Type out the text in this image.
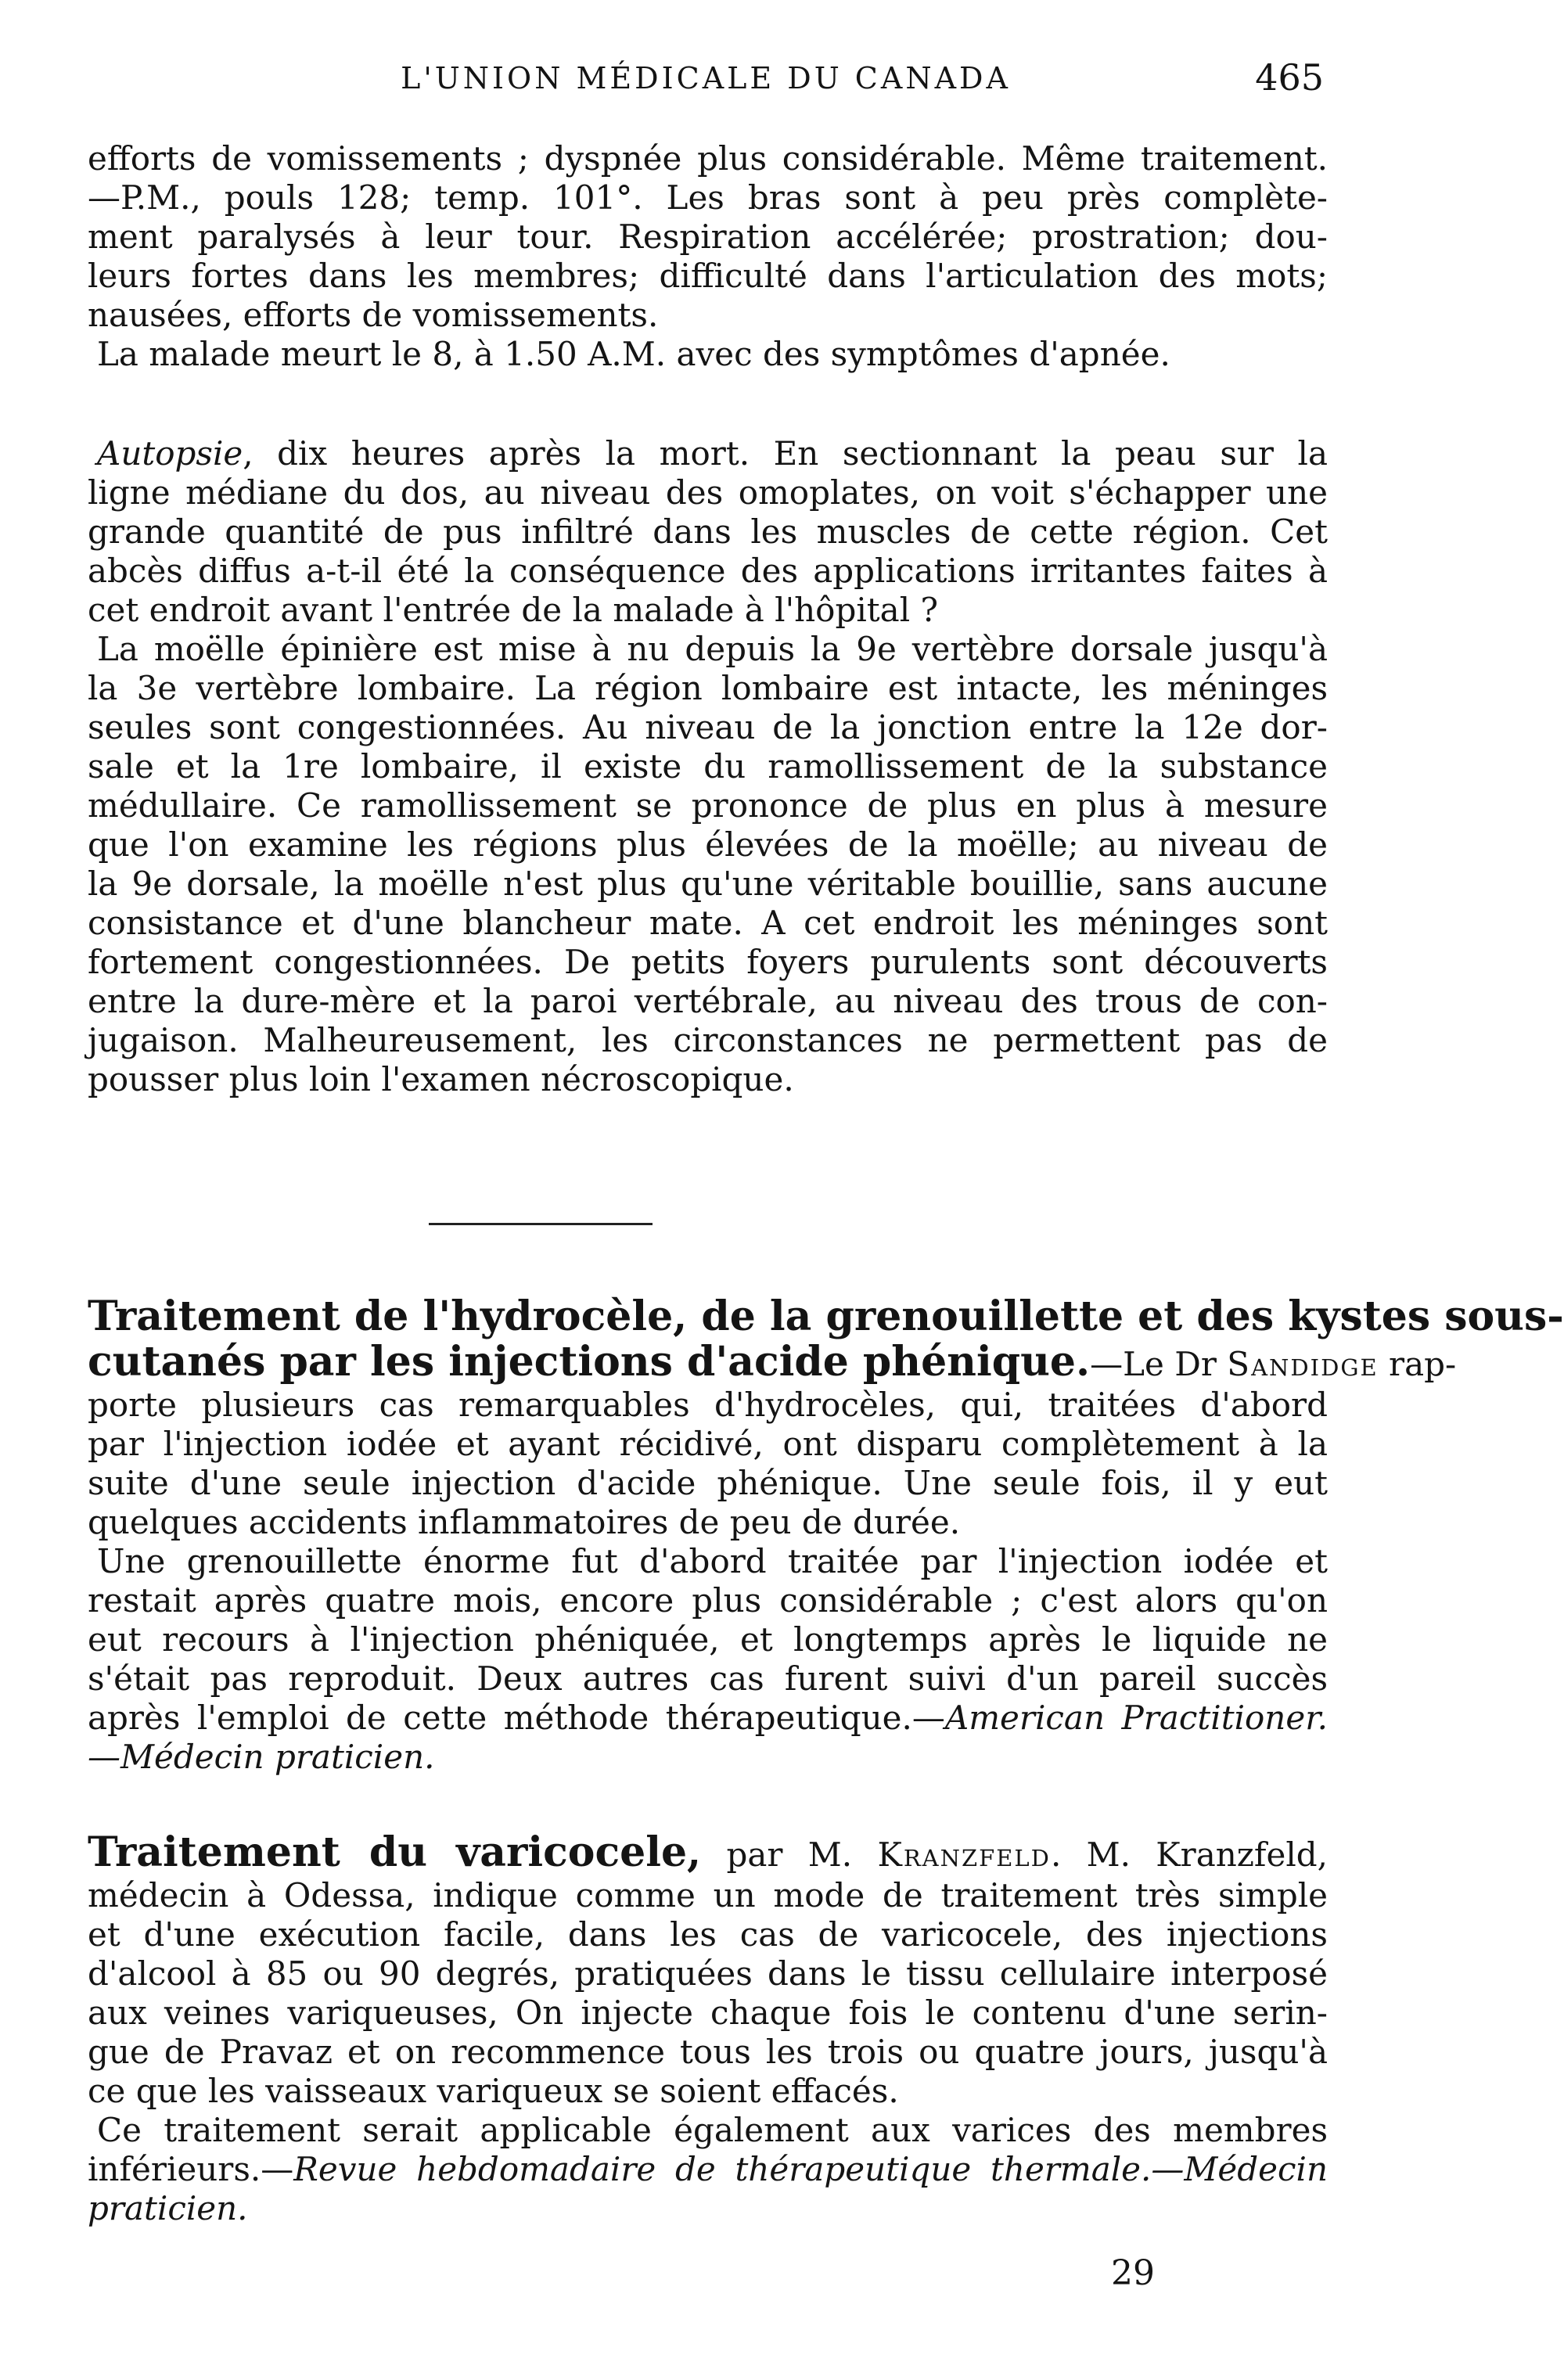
L'UNION MÉDICALE DU CANADA	465
efforts de vomissements ; dyspnée plus considérable. Même traitement.
—P.M., pouls 128; temp. 101°. Les bras sont à peu près complète-
ment paralysés à leur tour. Respiration accélérée; prostration; dou-
leurs fortes dans les membres; difficulté dans l'articulation des mots;
nausées, efforts de vomissements.
La malade meurt le 8, à 1.50 A.M. avec des symptômes d'apnée.
Autopsie, dix heures après la mort. En sectionnant la peau sur la
ligne médiane du dos, au niveau des omoplates, on voit s'échapper une
grande quantité de pus infiltré dans les muscles de cette région. Cet
abcès diffus a-t-il été la conséquence des applications irritantes faites à
cet endroit avant l'entrée de la malade à l'hôpital ?
La moëlle épinière est mise à nu depuis la 9e vertèbre dorsale jusqu'à
la 3e vertèbre lombaire. La région lombaire est intacte, les méninges
seules sont congestionnées. Au niveau de la jonction entre la 12e dor-
sale et la 1re lombaire, il existe du ramollissement de la substance
médullaire. Ce ramollissement se prononce de plus en plus à mesure
que l'on examine les régions plus élevées de la moëlle; au niveau de
la 9e dorsale, la moëlle n'est plus qu'une véritable bouillie, sans aucune
consistance et d'une blancheur mate. A cet endroit les méninges sont
fortement congestionnées. De petits foyers purulents sont découverts
entre la dure-mère et la paroi vertébrale, au niveau des trous de con-
jugaison. Malheureusement, les circonstances ne permettent pas de
pousser plus loin l'examen nécroscopique.
Traitement de l'hydrocèle, de la grenouillette et des kystes sous-
cutanés par les injections d'acide phénique.—Le Dr Sandidge rap-
porte plusieurs cas remarquables d'hydrocèles, qui, traitées d'abord
par l'injection iodée et ayant récidivé, ont disparu complètement à la
suite d'une seule injection d'acide phénique. Une seule fois, il y eut
quelques accidents inflammatoires de peu de durée.
Une grenouillette énorme fut d'abord traitée par l'injection iodée et
restait après quatre mois, encore plus considérable ; c'est alors qu'on
eut recours à l'injection phéniquée, et longtemps après le liquide ne
s'était pas reproduit. Deux autres cas furent suivi d'un pareil succès
après l'emploi de cette méthode thérapeutique.—American Practitioner.
—Médecin praticien.
Traitement du varicocele, par M. Kranzfeld. M. Kranzfeld,
médecin à Odessa, indique comme un mode de traitement très simple
et d'une exécution facile, dans les cas de varicocele, des injections
d'alcool à 85 ou 90 degrés, pratiquées dans le tissu cellulaire interposé
aux veines variqueuses, On injecte chaque fois le contenu d'une serin-
gue de Pravaz et on recommence tous les trois ou quatre jours, jusqu'à
ce que les vaisseaux variqueux se soient effacés.
Ce traitement serait applicable également aux varices des membres
inférieurs.—Revue hebdomadaire de thérapeutique thermale.—Médecin
praticien.
29
